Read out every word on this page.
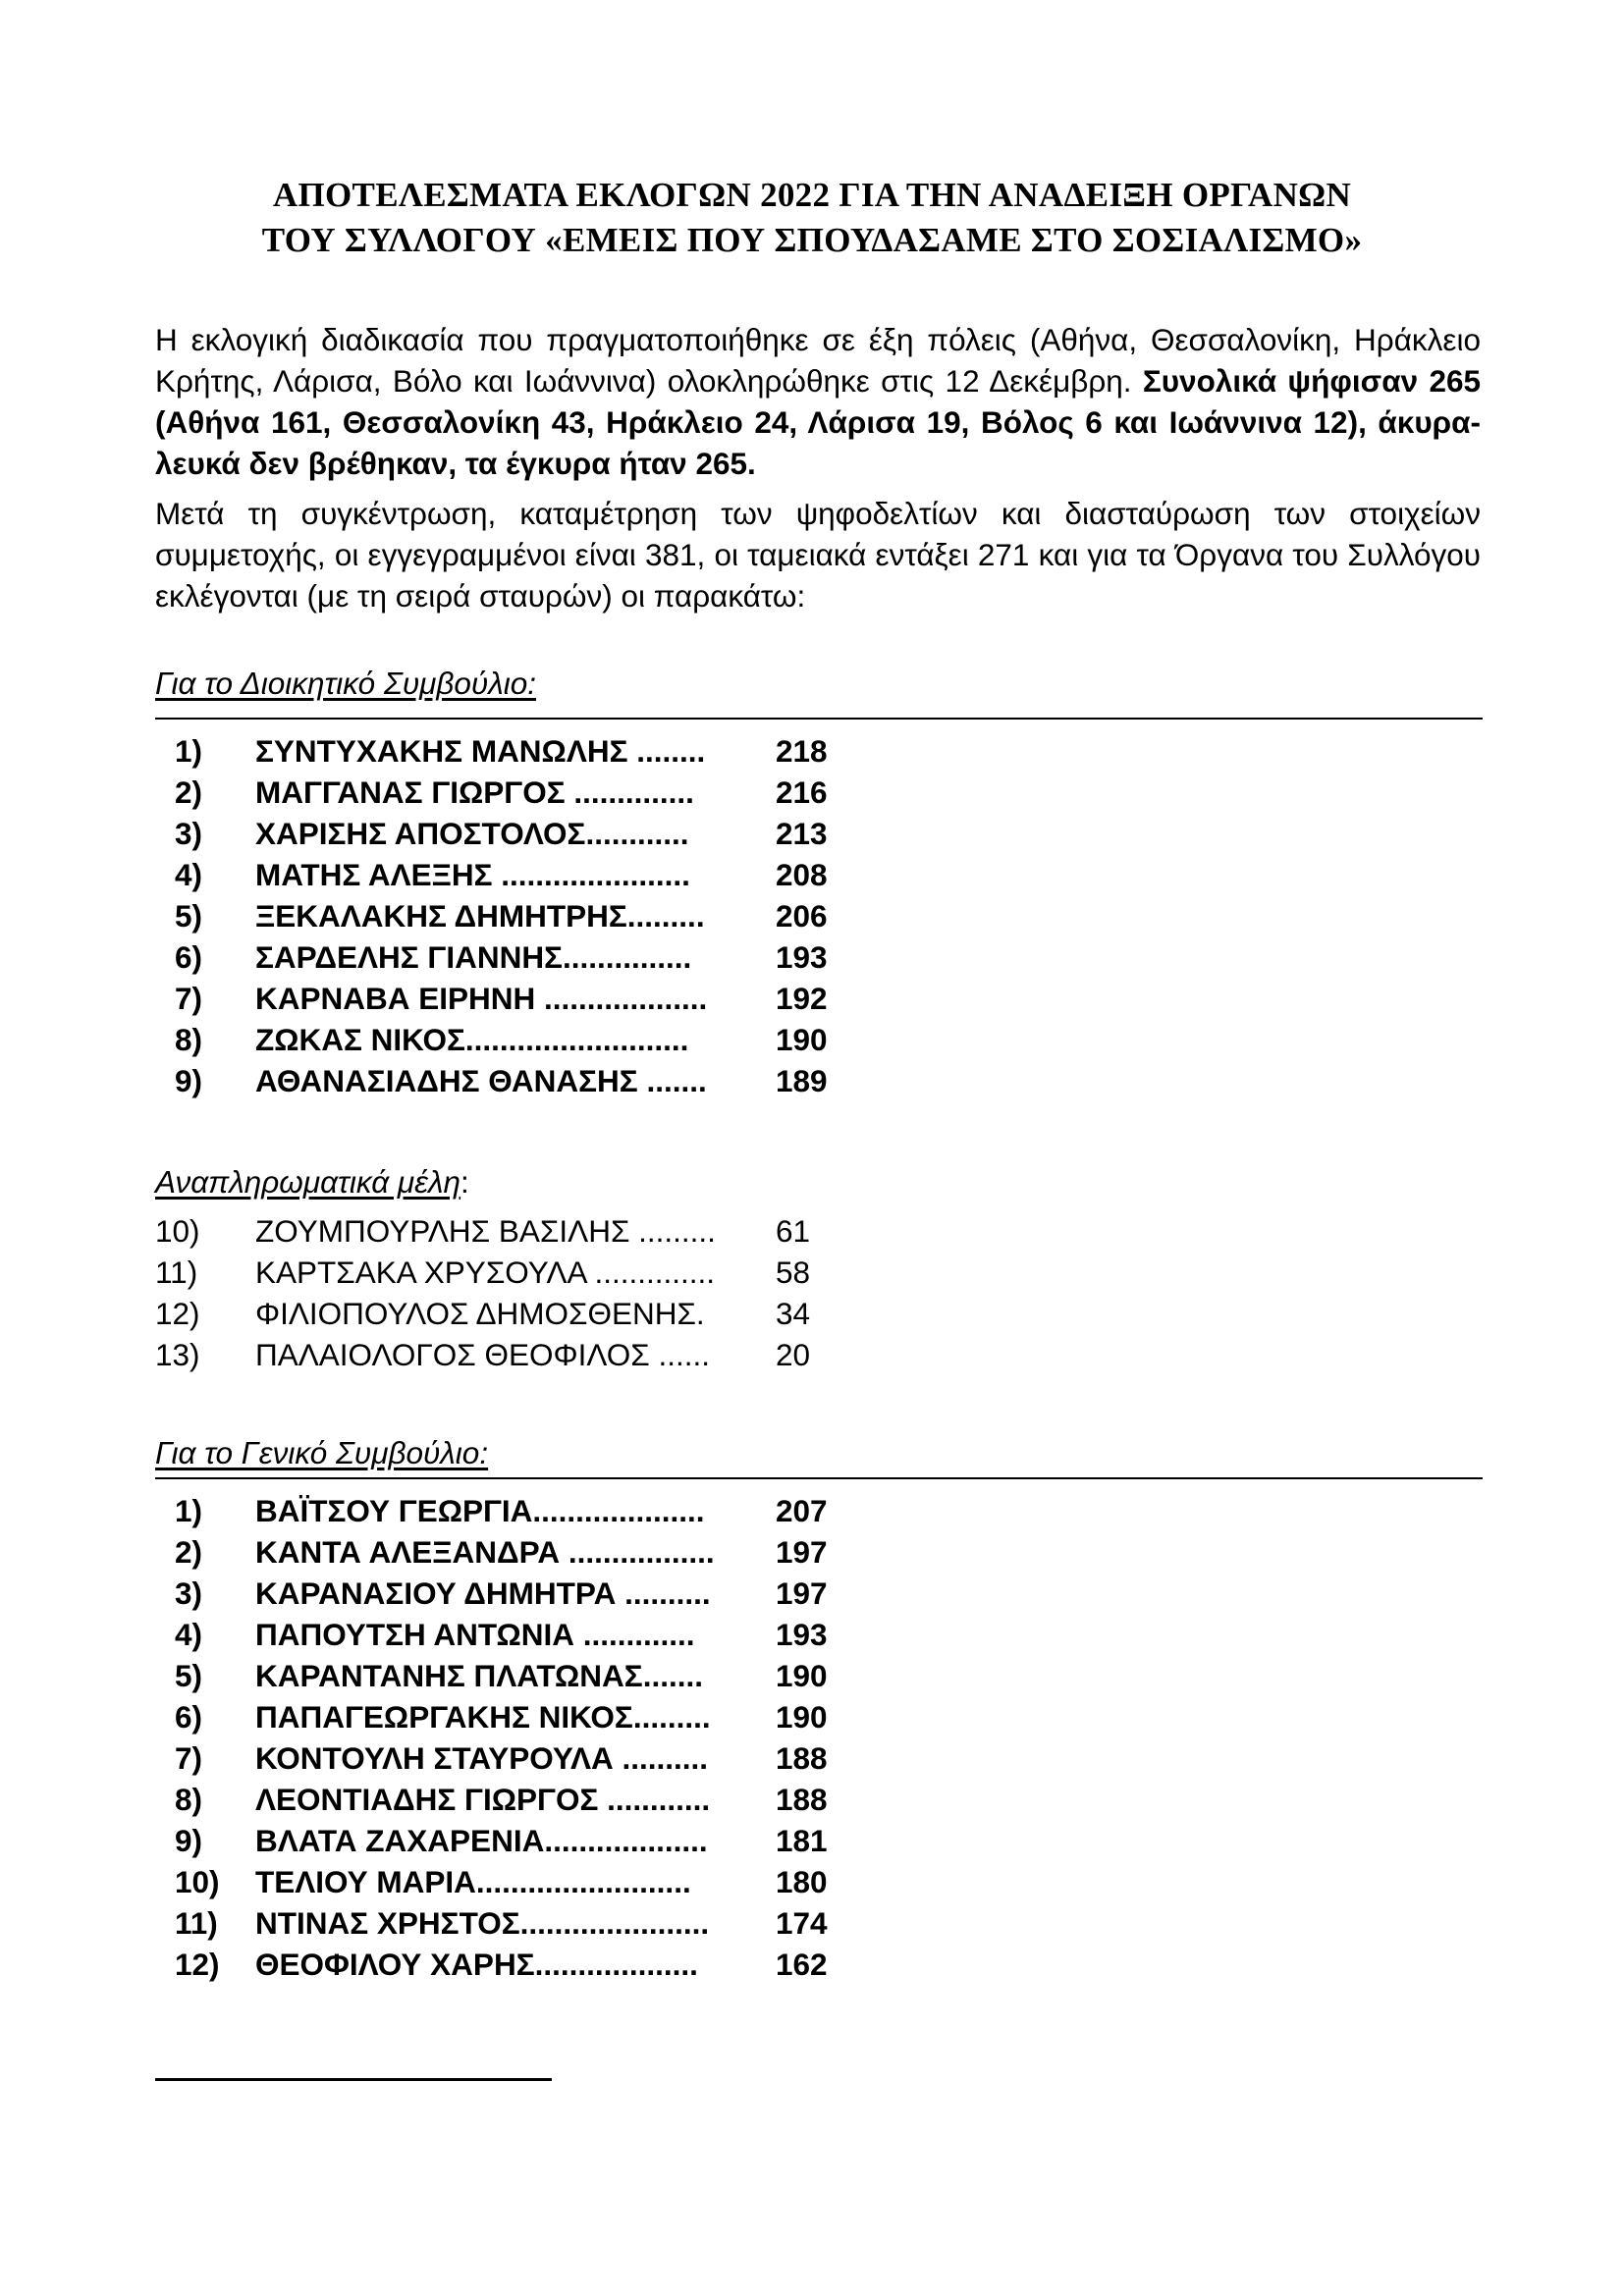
ΑΠΟΤΕΛΕΣΜΑΤΑ ΕΚΛΟΓΩΝ 2022 ΓΙΑ ΤΗΝ ΑΝΑΔΕΙΞΗ ΟΡΓΑΝΩΝ
ΤΟΥ ΣΥΛΛΟΓΟΥ «ΕΜΕΙΣ ΠΟΥ ΣΠΟΥΔΑΣΑΜΕ ΣΤΟ ΣΟΣΙΑΛΙΣΜΟ»

Η εκλογική διαδικασία που πραγματοποιήθηκε σε έξη πόλεις (Αθήνα, Θεσσαλονίκη, Ηράκλειο Κρήτης, Λάρισα, Βόλο και Ιωάννινα) ολοκληρώθηκε στις 12 Δεκέμβρη. Συνολικά ψήφισαν 265 (Αθήνα 161, Θεσσαλονίκη 43, Ηράκλειο 24, Λάρισα 19, Βόλος 6 και Ιωάννινα 12), άκυρα-λευκά δεν βρέθηκαν, τα έγκυρα ήταν 265.

Μετά τη συγκέντρωση, καταμέτρηση των ψηφοδελτίων και διασταύρωση των στοιχείων συμμετοχής, οι εγγεγραμμένοι είναι 381, οι ταμειακά εντάξει 271 και για τα Όργανα του Συλλόγου εκλέγονται (με τη σειρά σταυρών) οι παρακάτω:

Για το Διοικητικό Συμβούλιο:
1)	ΣΥΝΤΥΧΑΚΗΣ ΜΑΝΩΛΗΣ ........	218
2)	ΜΑΓΓΑΝΑΣ ΓΙΩΡΓΟΣ ..............	216
3)	ΧΑΡΙΣΗΣ ΑΠΟΣΤΟΛΟΣ............	213
4)	ΜΑΤΗΣ ΑΛΕΞΗΣ ......................	208
5)	ΞΕΚΑΛΑΚΗΣ ΔΗΜΗΤΡΗΣ.........	206
6)	ΣΑΡΔΕΛΗΣ ΓΙΑΝΝΗΣ...............	193
7)	ΚΑΡΝΑΒΑ ΕΙΡΗΝΗ ...................	192
8)	ΖΩΚΑΣ ΝΙΚΟΣ..........................	190
9)	ΑΘΑΝΑΣΙΑΔΗΣ ΘΑΝΑΣΗΣ .......	189
Αναπληρωματικά μέλη:
10)	ΖΟΥΜΠΟΥΡΛΗΣ ΒΑΣΙΛΗΣ .........	61
11)	ΚΑΡΤΣΑΚΑ ΧΡΥΣΟΥΛΑ ..............	58
12)	ΦΙΛΙΟΠΟΥΛΟΣ ΔΗΜΟΣΘΕΝΗΣ.	34
13)	ΠΑΛΑΙΟΛΟΓΟΣ ΘΕΟΦΙΛΟΣ ......	20
Για το Γενικό Συμβούλιο:
1)	ΒΑΪΤΣΟΥ ΓΕΩΡΓΙΑ....................	207
2)	ΚΑΝΤΑ ΑΛΕΞΑΝΔΡΑ .................	197
3)	ΚΑΡΑΝΑΣΙΟΥ ΔΗΜΗΤΡΑ ..........	197
4)	ΠΑΠΟΥΤΣΗ ΑΝΤΩΝΙΑ .............	193
5)	ΚΑΡΑΝΤΑΝΗΣ ΠΛΑΤΩΝΑΣ.......	190
6)	ΠΑΠΑΓΕΩΡΓΑΚΗΣ ΝΙΚΟΣ.........	190
7)	ΚΟΝΤΟΥΛΗ ΣΤΑΥΡΟΥΛΑ ..........	188
8)	ΛΕΟΝΤΙΑΔΗΣ ΓΙΩΡΓΟΣ ............	188
9)	ΒΛΑΤΑ ΖΑΧΑΡΕΝΙΑ...................	181
10)	ΤΕΛΙΟΥ ΜΑΡΙΑ.........................	180
11)	ΝΤΙΝΑΣ ΧΡΗΣΤΟΣ......................	174
12)	ΘΕΟΦΙΛΟΥ ΧΑΡΗΣ...................	162
